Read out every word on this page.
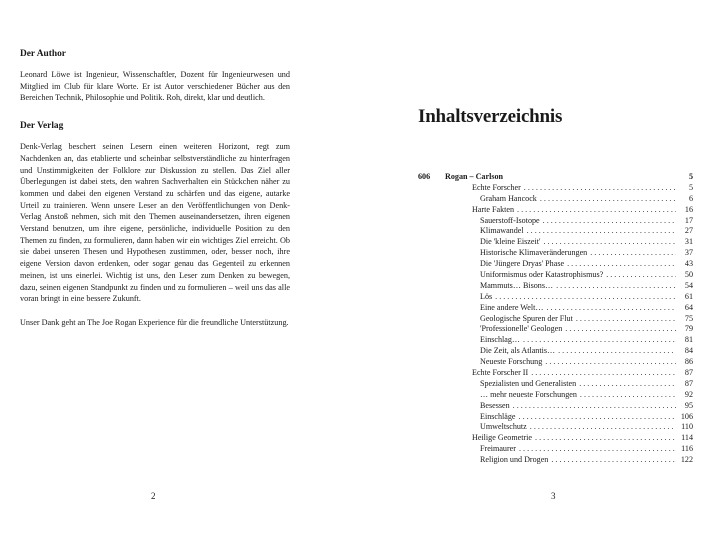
Der Author

Leonard Löwe ist Ingenieur, Wissenschaftler, Dozent für Ingenieurwesen und Mitglied im Club für klare Worte. Er ist Autor verschiedener Bücher aus den Bereichen Technik, Philosophie und Politik. Roh, direkt, klar und deutlich.

Der Verlag

Denk-Verlag beschert seinen Lesern einen weiteren Horizont, regt zum Nachdenken an, das etablierte und scheinbar selbstverständliche zu hinterfragen und Unstimmigkeiten der Folklore zur Diskussion zu stellen. Das Ziel aller Überlegungen ist dabei stets, den wahren Sachverhalten ein Stückchen näher zu kommen und dabei den eigenen Verstand zu schärfen und das eigene, autarke Urteil zu trainieren. Wenn unsere Leser an den Veröffentlichungen von Denk-Verlag Anstoß nehmen, sich mit den Themen auseinandersetzen, ihren eigenen Verstand benutzen, um ihre eigene, persönliche, individuelle Position zu den Themen zu finden, zu formulieren, dann haben wir ein wichtiges Ziel erreicht. Ob sie dabei unseren Thesen und Hypothesen zustimmen, oder, besser noch, ihre eigene Version davon erdenken, oder sogar genau das Gegenteil zu erkennen meinen, ist uns einerlei. Wichtig ist uns, den Leser zum Denken zu bewegen, dazu, seinen eigenen Standpunkt zu finden und zu formulieren – weil uns das alle voran bringt in eine bessere Zukunft.

Unser Dank geht an The Joe Rogan Experience für die freundliche Unterstützung.

2
Inhaltsverzeichnis
606	Rogan – Carlson	5
Echte Forscher . . .	5
Graham Hancock . . .	6
Harte Fakten . . .	16
Sauerstoff-Isotope . . .	17
Klimawandel . . .	27
Die 'kleine Eiszeit' . . .	31
Historische Klimaveränderungen . . .	37
Die 'Jüngere Dryas' Phase . . .	43
Uniformismus oder Katastrophismus? . . .	50
Mammuts… Bisons… . . .	54
Lös . . .	61
Eine andere Welt… . . .	64
Geologische Spuren der Flut . . .	75
'Professionelle' Geologen . . .	79
Einschlag… . . .	81
Die Zeit, als Atlantis… . . .	84
Neueste Forschung . . .	86
Echte Forscher II . . .	87
Spezialisten und Generalisten . . .	87
… mehr neueste Forschungen . . .	92
Besessen . . .	95
Einschläge . . .	106
Umweltschutz . . .	110
Heilige Geometrie . . .	114
Freimaurer . . .	116
Religion und Drogen . . .	122
3
